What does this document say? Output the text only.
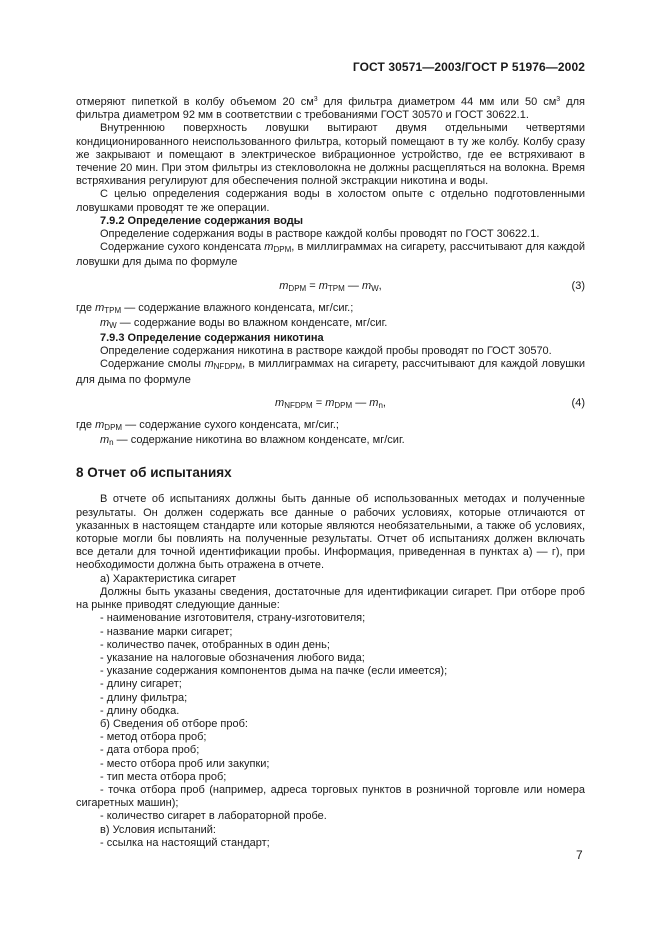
ГОСТ 30571—2003/ГОСТ Р 51976—2002

отмеряют пипеткой в колбу объемом 20 $см^3$ для фильтра диаметром 44 мм или 50 $см^3$ для фильтра диаметром 92 мм в соответствии с требованиями ГОСТ 30570 и ГОСТ 30622.1.

Внутреннюю поверхность ловушки вытирают двумя отдельными четвертями кондиционированного неиспользованного фильтра, который помещают в ту же колбу. Колбу сразу же закрывают и помещают в электрическое вибрационное устройство, где ее встряхивают в течение 20 мин. При этом фильтры из стекловолокна не должны расщепляться на волокна. Время встряхивания регулируют для обеспечения полной экстракции никотина и воды.

С целью определения содержания воды в холостом опыте с отдельно подготовленными ловушками проводят те же операции.

7.9.2 Определение содержания воды

Определение содержания воды в растворе каждой колбы проводят по ГОСТ 30622.1.

Содержание сухого конденсата $m_{DPM}$, в миллиграммах на сигарету, рассчитывают для каждой ловушки для дыма по формуле

$m_{DPM} = m_{TPM}$ — $m_W$,	(3)

где $m_{TPM}$ — содержание влажного конденсата, мг/сиг.;

$m_W$ — содержание воды во влажном конденсате, мг/сиг.

7.9.3 Определение содержания никотина

Определение содержания никотина в растворе каждой пробы проводят по ГОСТ 30570.

Содержание смолы $m_{NFDPM}$, в миллиграммах на сигарету, рассчитывают для каждой ловушки для дыма по формуле

$m_{NFDPM} = m_{DPM}$ — $m_n$,	(4)

где $m_{DPM}$ — содержание сухого конденсата, мг/сиг.;

$m_n$ — содержание никотина во влажном конденсате, мг/сиг.

8 Отчет об испытаниях

В отчете об испытаниях должны быть данные об использованных методах и полученные результаты. Он должен содержать все данные о рабочих условиях, которые отличаются от указанных в настоящем стандарте или которые являются необязательными, а также об условиях, которые могли бы повлиять на полученные результаты. Отчет об испытаниях должен включать все детали для точной идентификации пробы. Информация, приведенная в пунктах а) — г), при необходимости должна быть отражена в отчете.

а) Характеристика сигарет

Должны быть указаны сведения, достаточные для идентификации сигарет. При отборе проб на рынке приводят следующие данные:

- наименование изготовителя, страну-изготовителя;

- название марки сигарет;

- количество пачек, отобранных в один день;

- указание на налоговые обозначения любого вида;

- указание содержания компонентов дыма на пачке (если имеется);

- длину сигарет;

- длину фильтра;

- длину ободка.

б) Сведения об отборе проб:

- метод отбора проб;

- дата отбора проб;

- место отбора проб или закупки;

- тип места отбора проб;

- точка отбора проб (например, адреса торговых пунктов в розничной торговле или номера сигаретных машин);

- количество сигарет в лабораторной пробе.

в) Условия испытаний:

- ссылка на настоящий стандарт;

7
